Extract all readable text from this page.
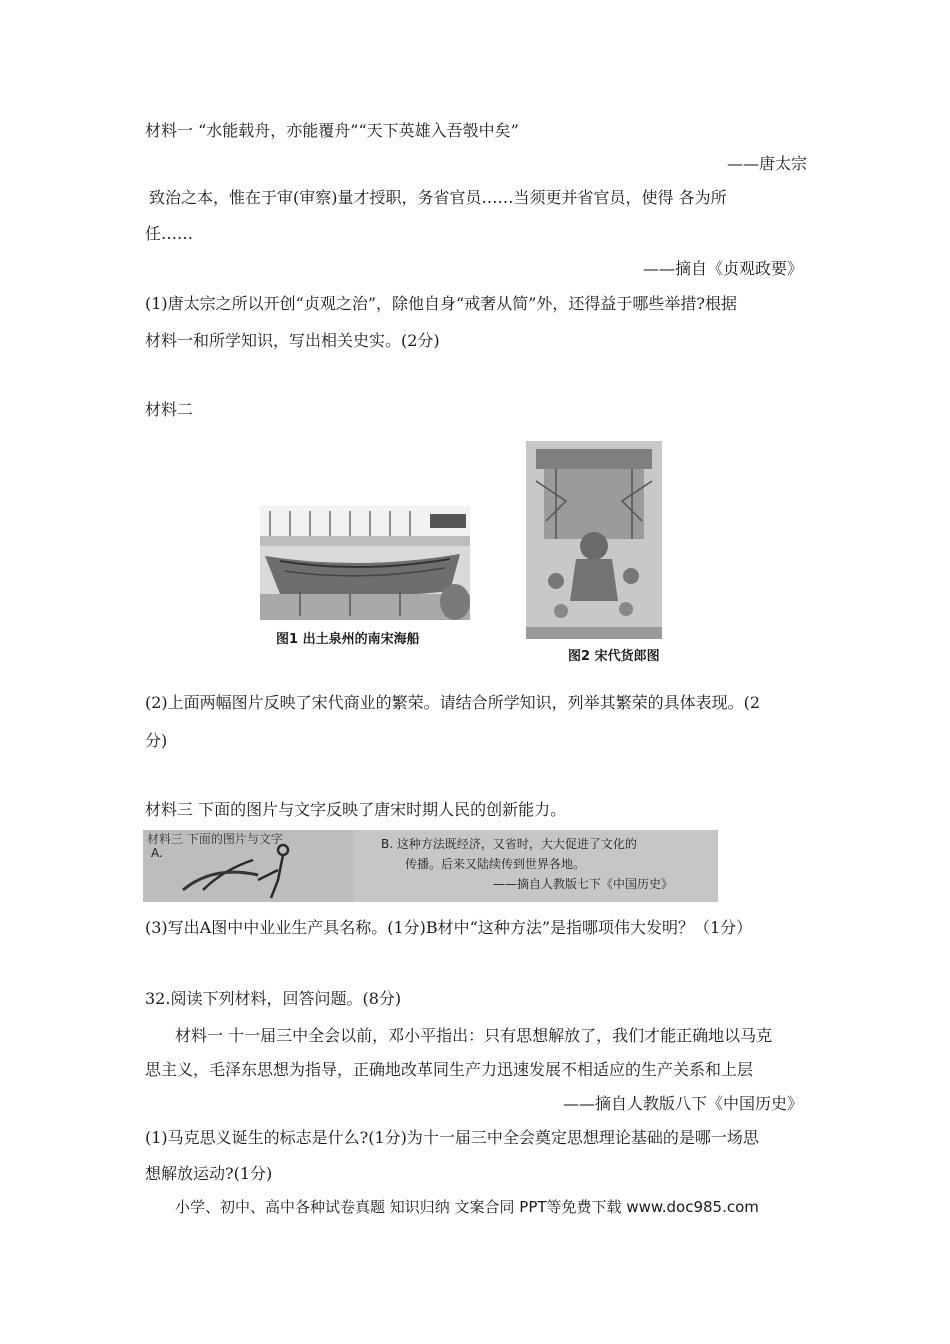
材料一 “水能载舟，亦能覆舟”“天下英雄入吾彀中矣”
——唐太宗
致治之本，惟在于审(审察)量才授职，务省官员……当须更并省官员，使得 各为所
任……
——摘自《贞观政要》
(1)唐太宗之所以开创“贞观之治”，除他自身“戒奢从简”外，还得益于哪些举措?根据
材料一和所学知识，写出相关史实。(2分)
材料二
图1 出土泉州的南宋海船
图2 宋代货郎图
(2)上面两幅图片反映了宋代商业的繁荣。请结合所学知识，列举其繁荣的具体表现。(2
分)
材料三 下面的图片与文字反映了唐宋时期人民的创新能力。
材料三 下面的图片与文字
A.
B. 这种方法既经济，又省时，大大促进了文化的
传播。后来又陆续传到世界各地。
——摘自人教版七下《中国历史》
(3)写出A图中中业业生产具名称。(1分)B材中“这种方法”是指哪项伟大发明？（1分）
32.阅读下列材料，回答问题。(8分)
材料一 十一届三中全会以前，邓小平指出：只有思想解放了，我们才能正确地以马克
思主义，毛泽东思想为指导，正确地改革同生产力迅速发展不相适应的生产关系和上层
——摘自人教版八下《中国历史》
(1)马克思义诞生的标志是什么?(1分)为十一届三中全会奠定思想理论基础的是哪一场思
想解放运动?(1分)
小学、初中、高中各种试卷真题 知识归纳 文案合同 PPT等免费下载 www.doc985.com
